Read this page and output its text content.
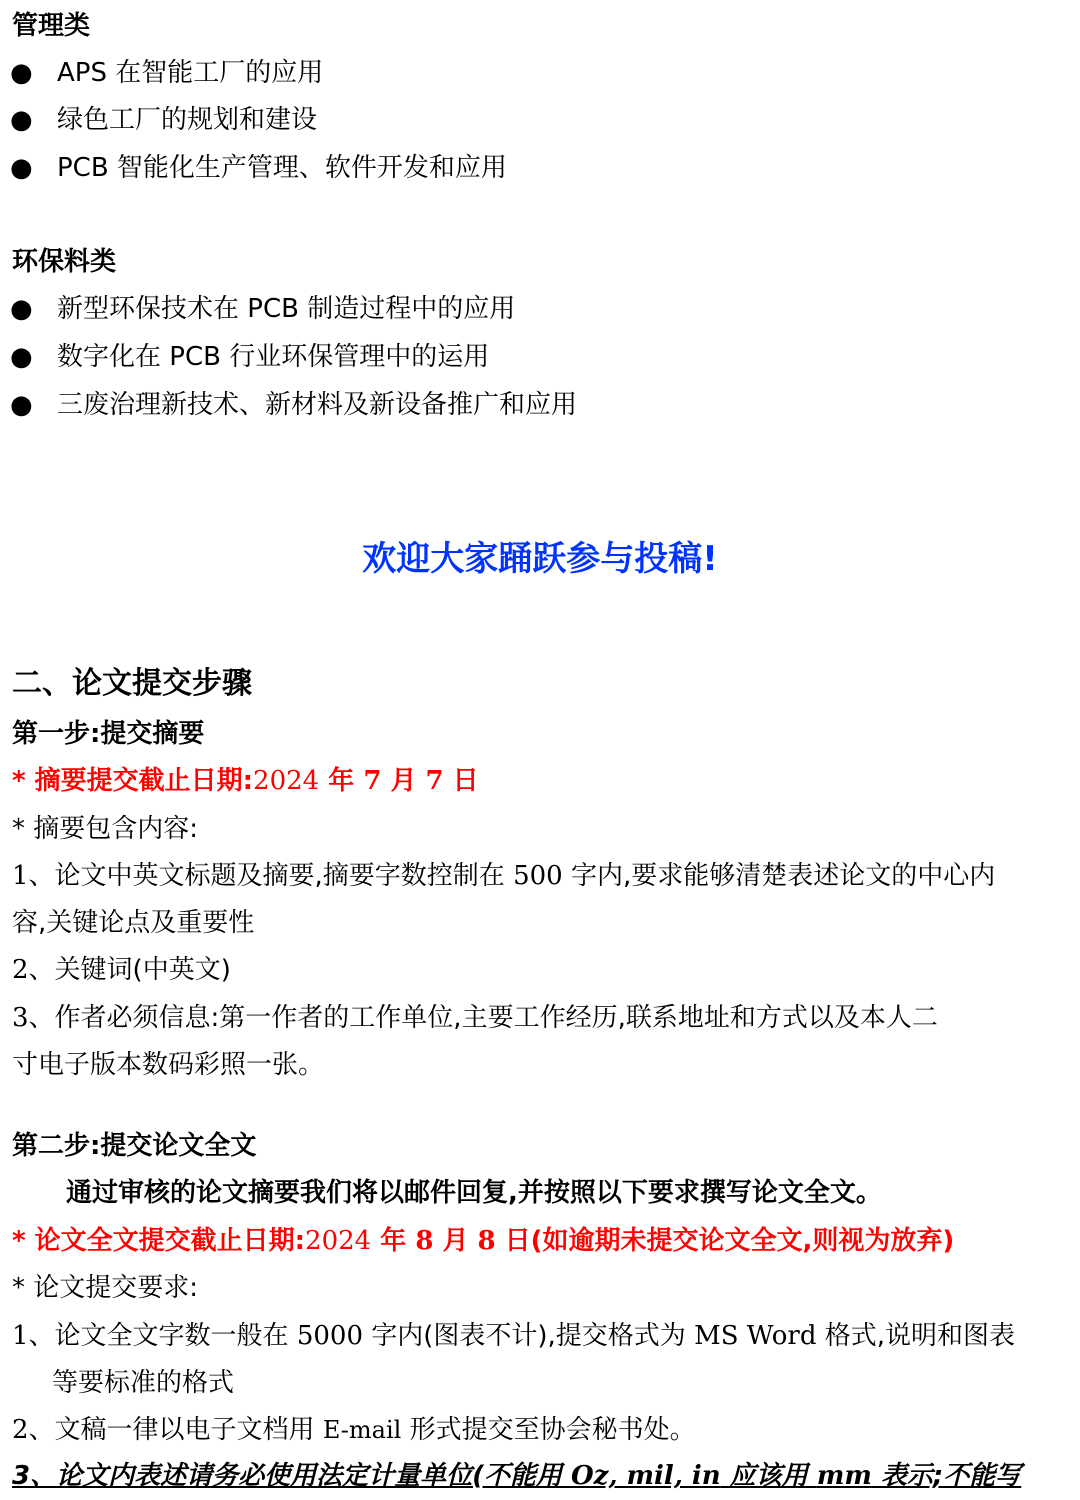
管理类
● APS 在智能工厂的应用
● 绿色工厂的规划和建设
● PCB 智能化生产管理、软件开发和应用
环保料类
● 新型环保技术在 PCB 制造过程中的应用
● 数字化在 PCB 行业环保管理中的运用
● 三废治理新技术、新材料及新设备推广和应用
欢迎大家踊跃参与投稿!
二、论文提交步骤
第一步:提交摘要
* 摘要提交截止日期:2024 年 7 月 7 日
* 摘要包含内容:
1、论文中英文标题及摘要,摘要字数控制在 500 字内,要求能够清楚表述论文的中心内
容,关键论点及重要性
2、关键词(中英文)
3、作者必须信息:第一作者的工作单位,主要工作经历,联系地址和方式以及本人二
寸电子版本数码彩照一张。
第二步:提交论文全文
通过审核的论文摘要我们将以邮件回复,并按照以下要求撰写论文全文。
* 论文全文提交截止日期:2024 年 8 月 8 日(如逾期未提交论文全文,则视为放弃)
* 论文提交要求:
1、论文全文字数一般在 5000 字内(图表不计),提交格式为 MS Word 格式,说明和图表
等要标准的格式
2、文稿一律以电子文档用 E-mail 形式提交至协会秘书处。
3、论文内表述请务必使用法定计量单位(不能用 Oz, mil, in 应该用 mm 表示;不能写
